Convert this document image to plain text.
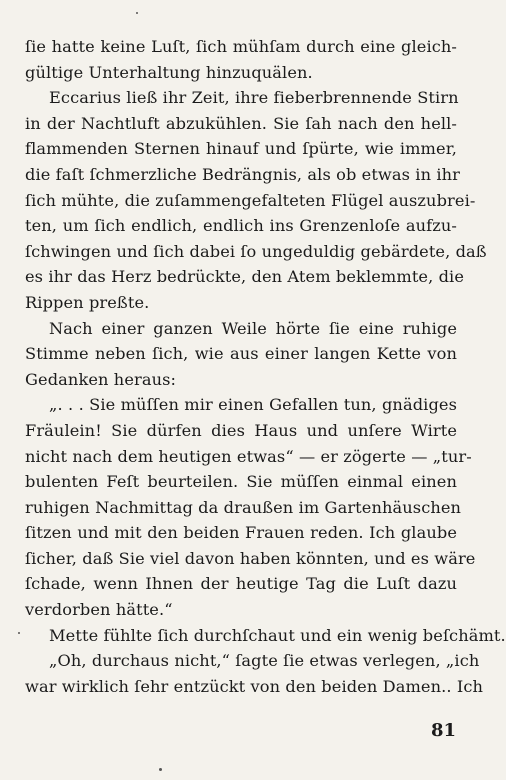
ſie hatte keine Luſt, ſich mühſam durch eine gleich-
gültige Unterhaltung hinzuquälen.
Eccarius ließ ihr Zeit, ihre fieberbrennende Stirn
in der Nachtluft abzukühlen. Sie ſah nach den hell-
flammenden Sternen hinauf und ſpürte, wie immer,
die faſt ſchmerzliche Bedrängnis, als ob etwas in ihr
ſich mühte, die zuſammengefalteten Flügel auszubrei-
ten, um ſich endlich, endlich ins Grenzenloſe aufzu-
ſchwingen und ſich dabei ſo ungeduldig gebärdete, daß
es ihr das Herz bedrückte, den Atem beklemmte, die
Rippen preßte.
Nach einer ganzen Weile hörte ſie eine ruhige
Stimme neben ſich, wie aus einer langen Kette von
Gedanken heraus:
„. . . Sie müſſen mir einen Gefallen tun, gnädiges
Fräulein! Sie dürfen dies Haus und unſere Wirte
nicht nach dem heutigen etwas“ — er zögerte — „tur-
bulenten Feſt beurteilen. Sie müſſen einmal einen
ruhigen Nachmittag da draußen im Gartenhäuschen
ſitzen und mit den beiden Frauen reden. Ich glaube
ſicher, daß Sie viel davon haben könnten, und es wäre
ſchade, wenn Ihnen der heutige Tag die Luſt dazu
verdorben hätte.“
Mette fühlte ſich durchſchaut und ein wenig beſchämt.
„Oh, durchaus nicht,“ ſagte ſie etwas verlegen, „ich
war wirklich ſehr entzückt von den beiden Damen.. Ich
81
